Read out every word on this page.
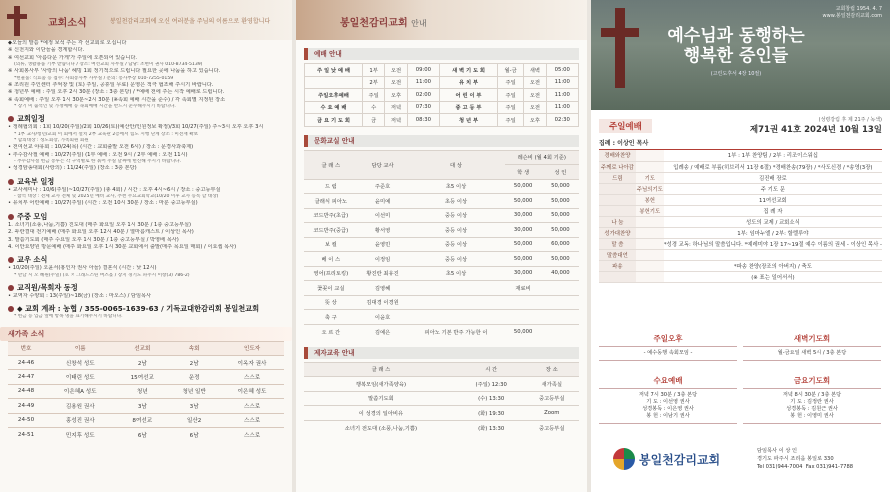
교회소식	봉일천감리교회에 오신 여러분을 주님의 이름으로 환영합니다
◆오늘의 말씀 *예정 보석 주는 각 선교회로 오십니다
※ 신천지와 이단들을 경계합시다.
※ 여선교회 '아름다운 가게'가 주일에 오픈되어 있습니다.
(의류, 생활용품 기부 받습니다 / 장소: 여선교회 사무실 / 담당: 조현미 권사 010-8734-5139)
※ 사회봉사부 '사랑의 나눔' 헤빙 1회 정기적으로 드립니다 필요한 곳에 나눔을 하고 있습니다.
*헌물품: 식료품 등 접수: 사회봉사부 사무실 / 문의: 봉사부장 010-7255-0159
※ 조리원 주인셴터 추억창 및 (토) 주일, 공휴일 무료) 운영은 적극 협조해 주시기 바랍니다.
※ 청년부 예배 : 주일 오후 2시 30분 (장소 : 3층 본당) / *예배 전에 주는 시작 예배로 드립니다.
※ 속회예배 : 주일 오후 1시 30분~2시 30분 (※속회 예배 시간을 준수) / 각 속회별 지정된 장소
* 장기 미 출석인 및 가정예배 등 속회예배 시간을 반드시 준수해주시기 바랍니다.
교회일정
• 정례협의회 : 1회 10/20(주일)/2회 10/26(토)(예산안/인원정보 확정)/3회 10/27(주일) 주~3시 오후 오후 3시
* 1부 교사/청년/교회 이 회에서 설치 2부 교육관 2층에서 힘도 시행 단계 장소 : 미전재 확보
* 합의대상 : 성도회장, 가족회원 회원
• 전여선교 야유회 : 10/24(목) (시간 : 교회출발 오전 6시) / 장소 : 문경사과축제)
• 추수감사절 예배 : 10/27(주일) (1부 예배 : 오전 9시 / 2부 예배 : 오전 11시)
- 추수감사절 헌금 봉투는 각 구역별로 한 묶어 주실 날짜에 헌신해 주시기 바랍니다.
• 성경암송대회(사랑의) : 11/24(주일) (장소 : 3층 본당)
교육부 일정
• 교사세미나 : 10/6(주일)~10/27(주일) (총 4회) / 시간 : 오후 4시~6시 / 장소 : 중고등부실
- 참석 대상 : 전체 교사 전체 및 2025년 예비 교사, 추천 주요교회학교(10/20 이후 교사 등록 할 대상)
• 유치부 어린예배 : 10/27(주일) (시간 : 오전 10시 30분 / 장소 : 마룬 중고등부실)
주중 모임
1. 소녀기(소풍,나눔,기쁨) 진도대 (매주 화요일 오후 1시 30분 / 1층 중고등부실)
2. 두란결대 전기예배 (매주 화요일 오후 12시 40분 / 열마름캐스트 / 이상인 목사)
3. 말씀기도회 (매주 수요일 오후 1시 30분 / 1층 중고등부실 / 박영배 목사)
4. 이안요양원 방문예배 (매주 화요일 오후 1시 30분 교회에서 출발(매주 목요일 매회) / 이요셉 목사)
교우 소식
• 10/20(주일) 오윤서(홍인자 권사 아들) 결혼식 (시간 : 낮 12시)
* 만남 시 오 혜원(주일) (호 ㅈ 그래드스틴 버즈홀 / 장지 경기도 파주시 이창(3) 786-2)
교직원/목회자 동정
• 교역자 수양회 : 13(주일)~18(금) (장소 : 마오스) / 담임목사
◆ 교회 계좌 : 농협 / 355-0065-1639-63 / 기독교대한감리회 봉일천교회
* 헌금 등 입금 앞에 항목 명을 표기해주시기 바랍니다.
새가족 소식
번호	이름	선교회	속회	인도자
24-46	신창석 성도	2남	2남	이옥자 권사
24-47	이태린 성도	15여선교	운정	스스로
24-48	이은혜A 성도	청년	청년 일반	이은혜 성도
24-49	김용원 권사	3남	3남	스스로
24-50	홍성진 권사	8여선교	일산2	스스로
24-51	민지후 성도	6남	6남	스스로
봉일천감리교회 안내
예배 안내
주 일 낮 예 배	1부	오전	09:00	새 벽 기 도 회	월-금	새벽	05:00
	2부	오전	11:00	유 치 부	주일	오전	11:00
주일오후예배	주일	오후	02:00	어 린 이 부	주일	오전	11:00
수 요 예 배	수	저녁	07:30	중 고 등 부	주일	오전	11:00
금 요 기 도 회	금	저녁	08:30	청 년 부	주일	오후	02:30
문화교실 안내
클 래 스	담당 교사	대 상	레슨비 (월 4회 기준)	
			학 생	성 인
드 럼	주준호	초5 이상	50,000	50,000
클래식 피아노	윤미예	초등 이상	50,000	50,000
코드반주(초급)	이선미	중등 이상	30,000	50,000
코드반주(중급)	황서영	중등 이상	30,000	50,000
보 컬	윤영민	중등 이상	50,000	60,000
베 이 스	이정임	중등 이상	50,000	50,000
영어(프리토킹)	황진란 최유진	초5 이상	30,000	40,000
꽃꽂이 교실	김영혜		재료비	
뜻 상	김대경 이경원			
축 구	이윤호			
오 르 간	김예은	피아노 기본 반주 가능한 이	50,000	
제자교육 안내
클 래 스	시 간	장 소
행복모임(새가족양육)	(주일) 12:30	새가족실
말씀기도회	(수) 13:30	중고등부실
이 성경의 일아비유	(화) 19:30	Zoom
소녀기 전도대 (소풍,나눔,기쁨)	(화) 13:30	중고등부실
교회창립 1954. 4. 7
www.봉일천감리교회.com
예수님과 동행하는
행복한 증인들
(고린도후서 4장 10절)
주일예배
(성령강림 후 제 21주 / 녹색)
제71권 41호 2024년 10월 13일
집례 : 이상인 목사
경배와찬양		1부 : 1부 찬양팀 / 2부 : 리조이스워십
주께로 나아감		입례송 / 예배로 부름(히브리서 11장 6절) *경배찬송(79장) / *사도신경 / *송영(3장)
드림	기도	김진배 장로
	주님의기도	주 기도 문
	봉헌	11여선교회
	봉헌기도	집 례 자
나 눔		성도의 교제 / 교회소식
성가대찬양		1부: 임마누엘 / 2부: 할렐루야
말 씀		*성경 교독: 하나님의 말씀입니다. *예레미야 1장 17~19절 예수 이름의 권세 - 이상인 목사 -
말씀대언		
파송		*파송 찬양(장조의 아버지) / 축도
		(※ 표는 일어서서)
주일오후
- 예수동행 속회모임 -
새벽기도회
월-금요일 새벽 5시 / 3층 본당
수요예배
저녁 7시 30분 / 3층 본당
기 도 : 이선영 권사
성경봉독 : 이은영 권사
봉 헌 : 이남기 권사
금요기도회
저녁 8시 30분 / 3층 본당
기 도 : 김정란 권사
성경봉독 : 김원근 권사
봉 헌 : 이영미 권사
봉일천감리교회
담임목사 이 상 인
경기도 파주시 조리읍 봉일로 330
Tel 031)944-7004 Fax 031)941-7788
